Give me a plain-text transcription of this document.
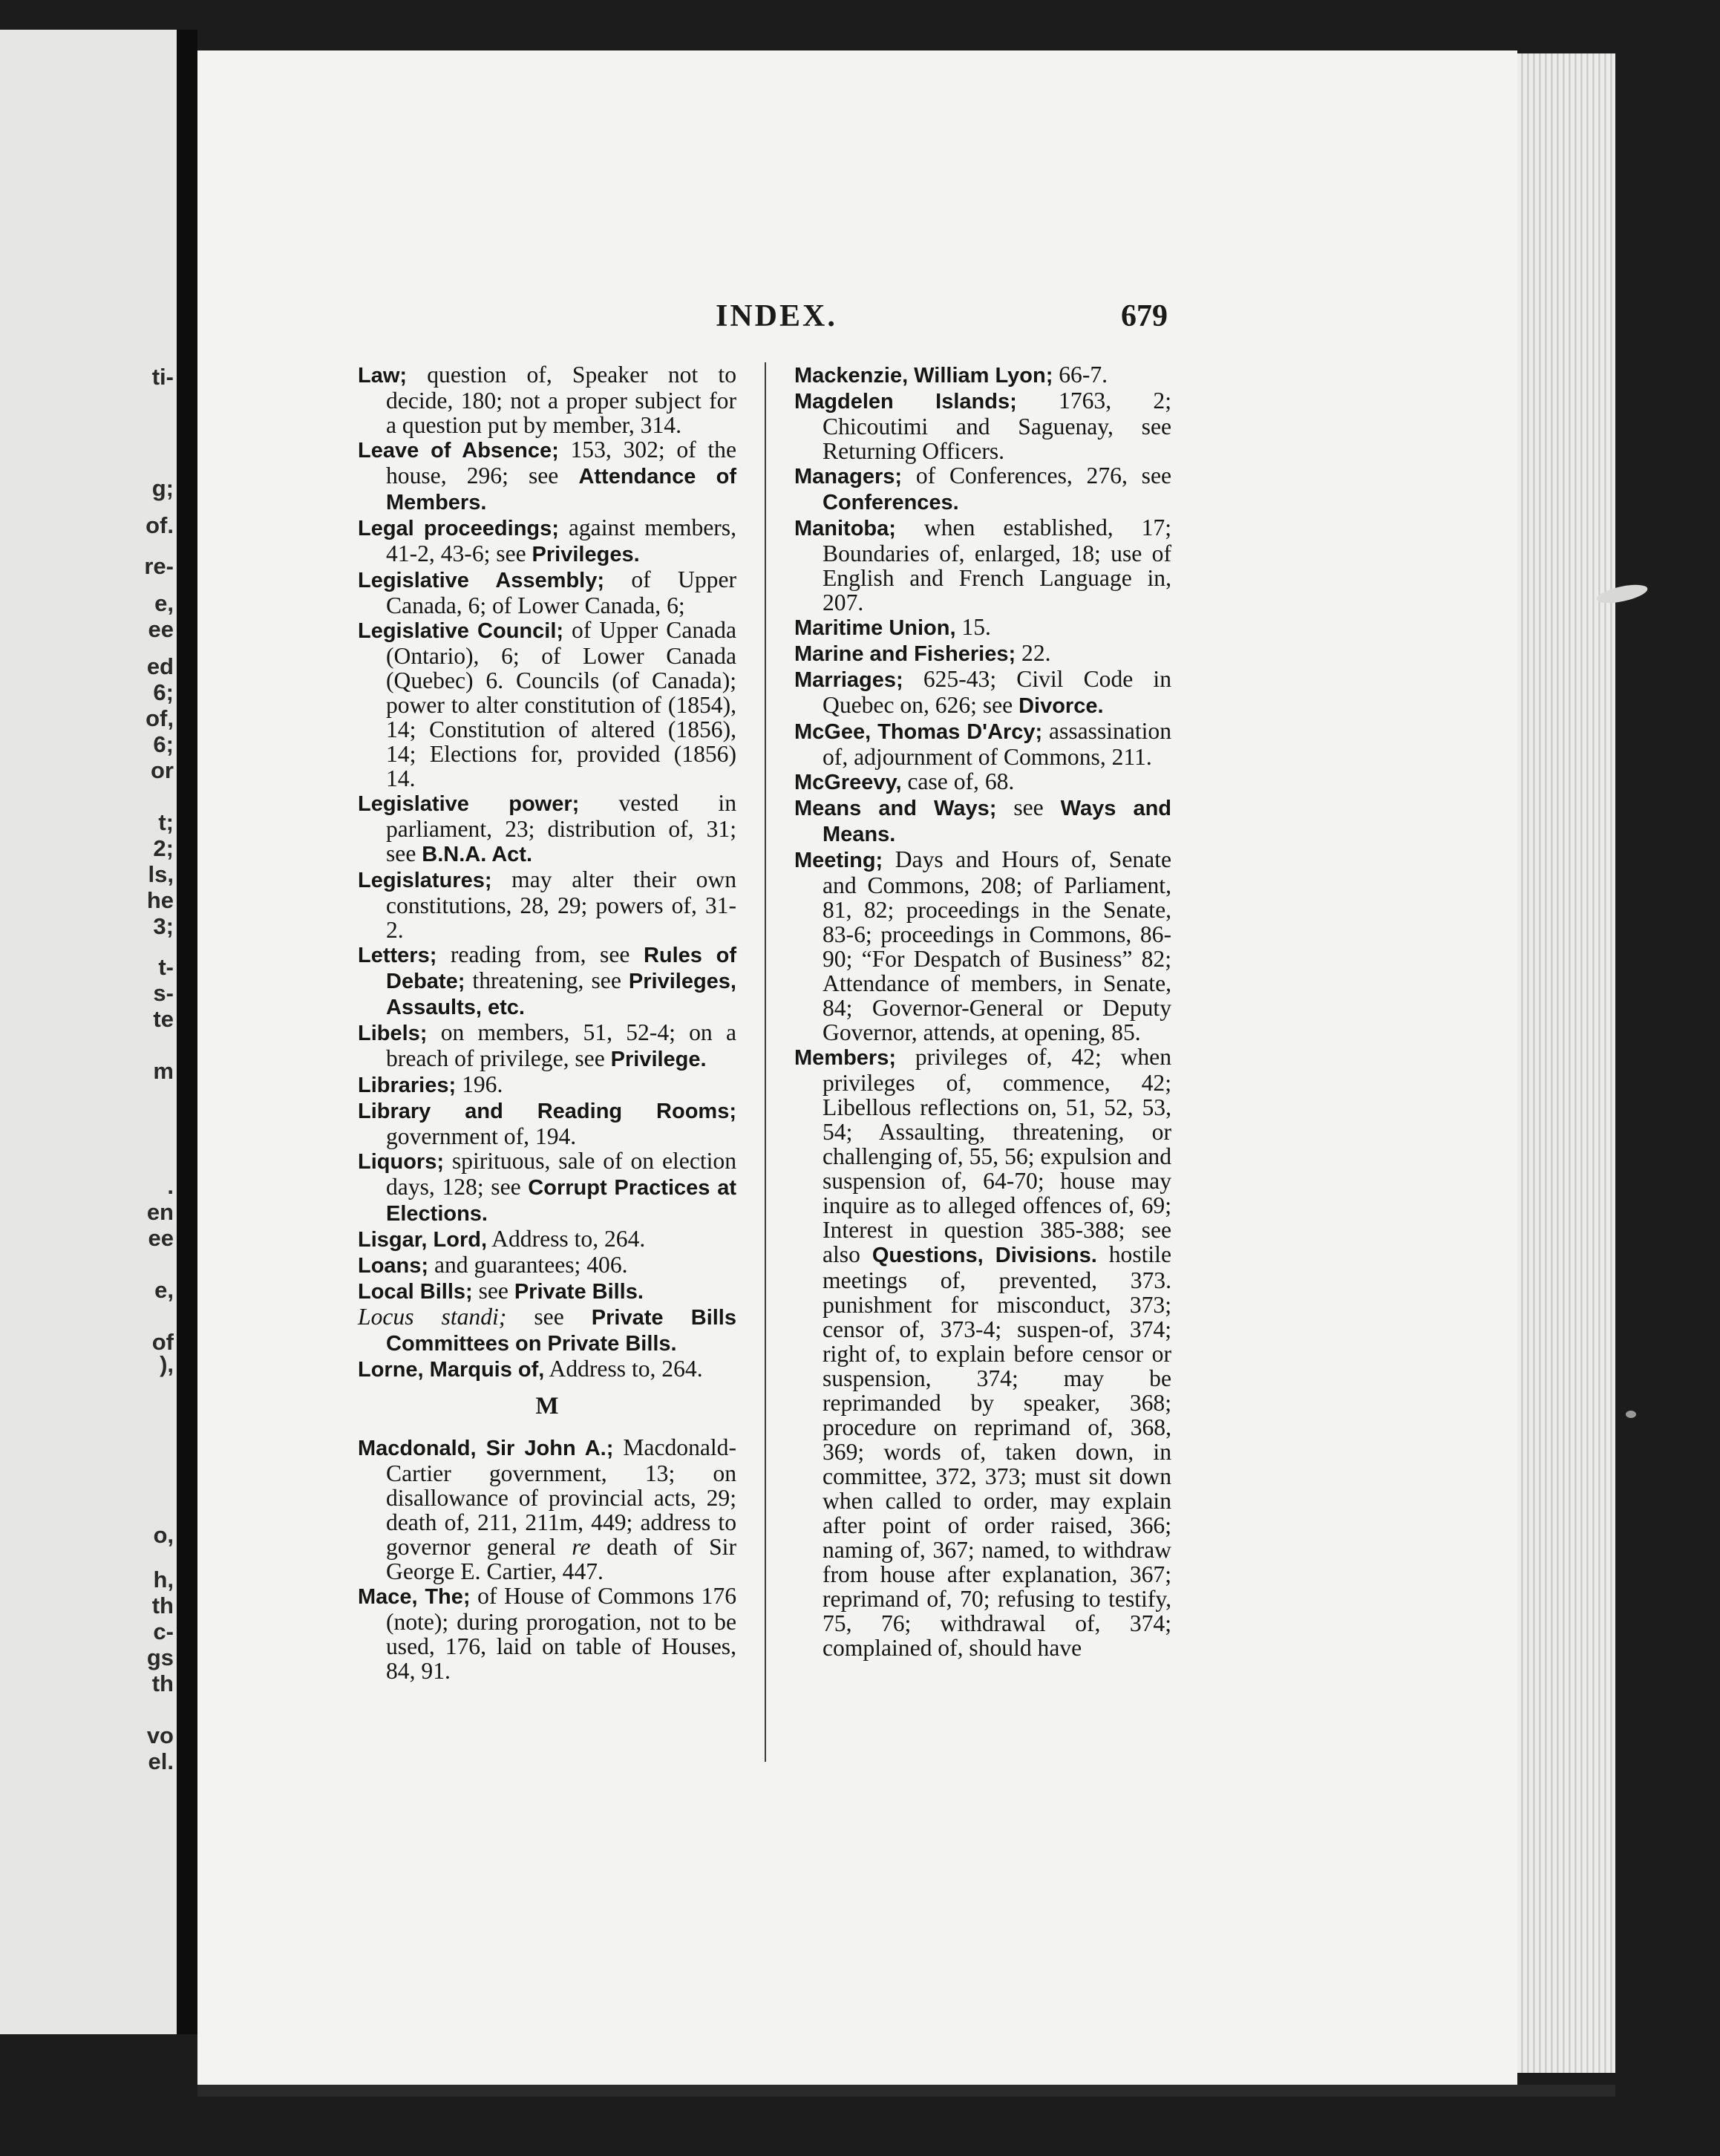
ti-
g;
of.
re-
e,
ee
ed
6;
of,
6;
or
t;
2;
ls,
he
3;
t-
s-
te
m
.
en
ee
e,
of
),
o,
h,
th
c-
gs
th
vo
el.
INDEX.	679

Law; question of, Speaker not to decide, 180; not a proper subject for a question put by member, 314.

Leave of Absence; 153, 302; of the house, 296; see Attendance of Members.

Legal proceedings; against members, 41-2, 43-6; see Privileges.

Legislative Assembly; of Upper Canada, 6; of Lower Canada, 6;

Legislative Council; of Upper Canada (Ontario), 6; of Lower Canada (Quebec) 6. Councils (of Canada); power to alter constitution of (1854), 14; Constitution of altered (1856), 14; Elections for, provided (1856) 14.

Legislative power; vested in parliament, 23; distribution of, 31; see B.N.A. Act.

Legislatures; may alter their own constitutions, 28, 29; powers of, 31-2.

Letters; reading from, see Rules of Debate; threatening, see Privileges, Assaults, etc.

Libels; on members, 51, 52-4; on a breach of privilege, see Privilege.

Libraries; 196.

Library and Reading Rooms; government of, 194.

Liquors; spirituous, sale of on election days, 128; see Corrupt Practices at Elections.

Lisgar, Lord, Address to, 264.

Loans; and guarantees; 406.

Local Bills; see Private Bills.

Locus standi; see Private Bills Committees on Private Bills.

Lorne, Marquis of, Address to, 264.

M

Macdonald, Sir John A.; Macdonald-Cartier government, 13; on disallowance of provincial acts, 29; death of, 211, 211m, 449; address to governor general re death of Sir George E. Cartier, 447.

Mace, The; of House of Commons 176 (note); during prorogation, not to be used, 176, laid on table of Houses, 84, 91.

Mackenzie, William Lyon; 66-7.

Magdelen Islands; 1763, 2; Chicoutimi and Saguenay, see Returning Officers.

Managers; of Conferences, 276, see Conferences.

Manitoba; when established, 17; Boundaries of, enlarged, 18; use of English and French Language in, 207.

Maritime Union, 15.

Marine and Fisheries; 22.

Marriages; 625-43; Civil Code in Quebec on, 626; see Divorce.

McGee, Thomas D'Arcy; assassination of, adjournment of Commons, 211.

McGreevy, case of, 68.

Means and Ways; see Ways and Means.

Meeting; Days and Hours of, Senate and Commons, 208; of Parliament, 81, 82; proceedings in the Senate, 83-6; proceedings in Commons, 86-90; “For Despatch of Business” 82; Attendance of members, in Senate, 84; Governor-General or Deputy Governor, attends, at opening, 85.

Members; privileges of, 42; when privileges of, commence, 42; Libellous reflections on, 51, 52, 53, 54; Assaulting, threatening, or challenging of, 55, 56; expulsion and suspension of, 64-70; house may inquire as to alleged offences of, 69; Interest in question 385-388; see also Questions, Divisions. hostile meetings of, prevented, 373. punishment for misconduct, 373; censor of, 373-4; suspen-of, 374; right of, to explain before censor or suspension, 374; may be reprimanded by speaker, 368; procedure on reprimand of, 368, 369; words of, taken down, in committee, 372, 373; must sit down when called to order, may explain after point of order raised, 366; naming of, 367; named, to withdraw from house after explanation, 367; reprimand of, 70; refusing to testify, 75, 76; withdrawal of, 374; complained of, should have
